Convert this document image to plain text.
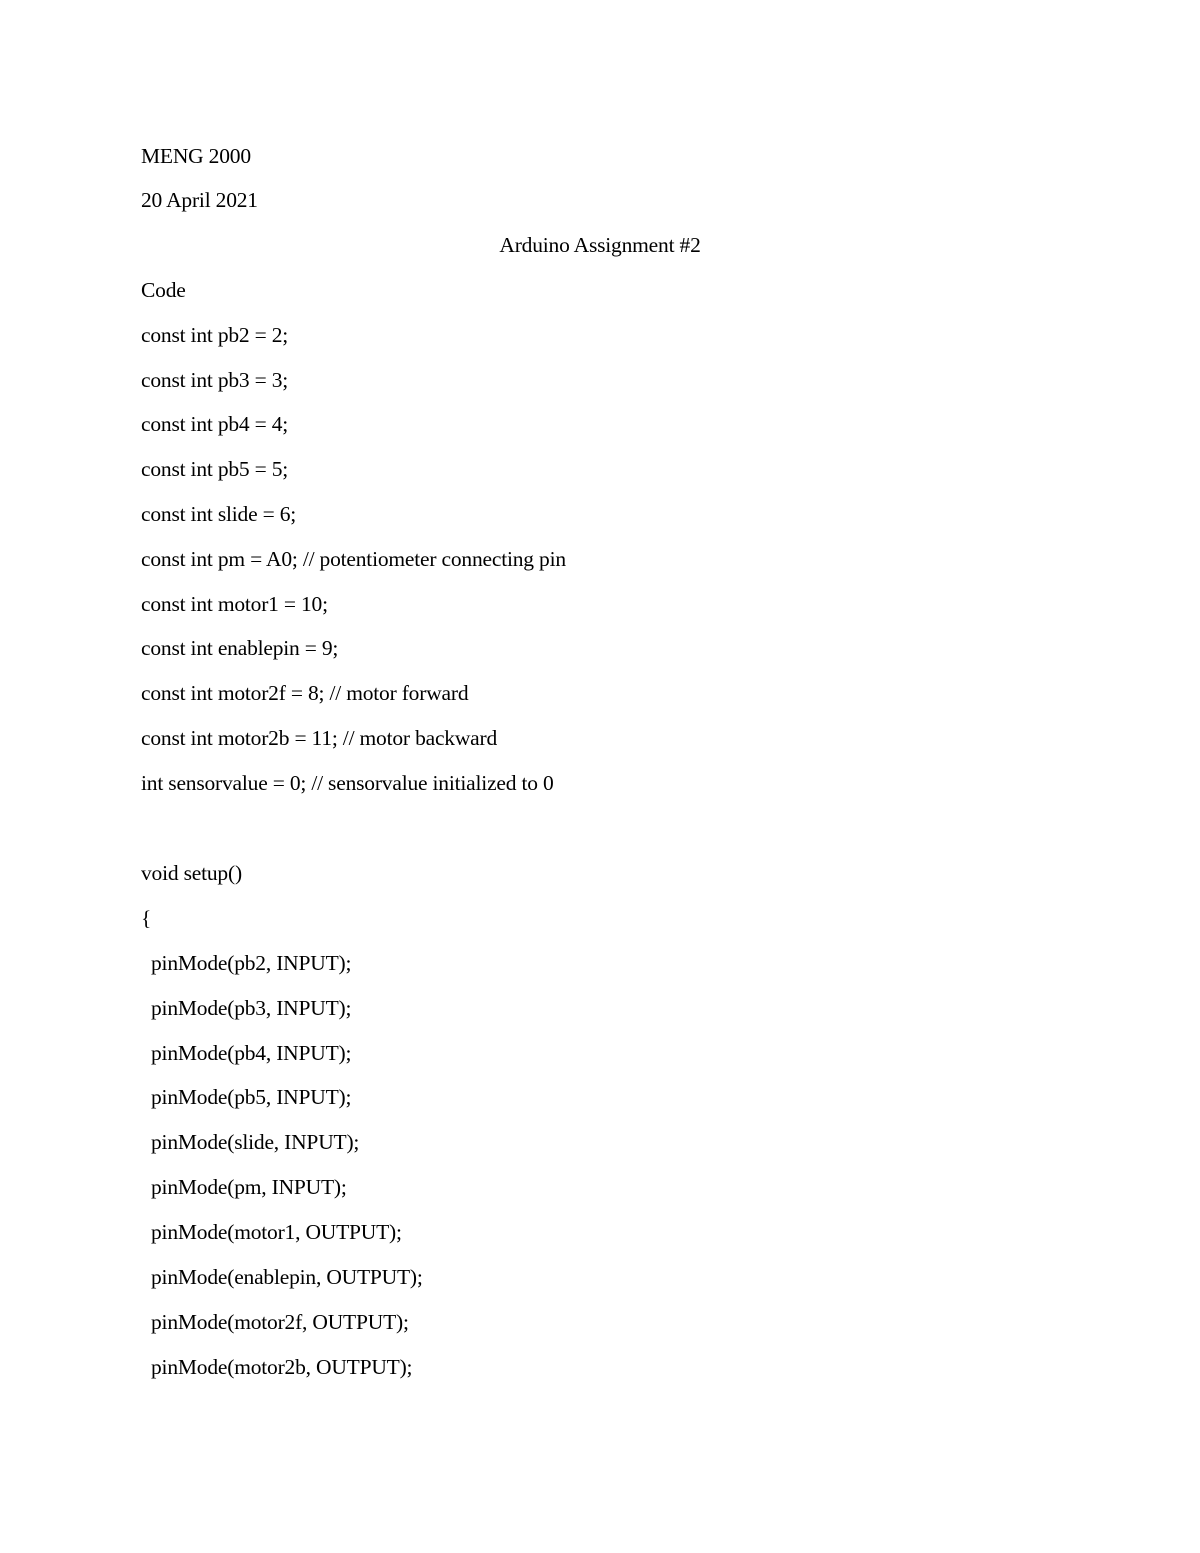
MENG 2000
20 April 2021
Arduino Assignment #2
Code
const int pb2 = 2;
const int pb3 = 3;
const int pb4 = 4;
const int pb5 = 5;
const int slide = 6;
const int pm = A0; // potentiometer connecting pin
const int motor1 = 10;
const int enablepin = 9;
const int motor2f = 8; // motor forward
const int motor2b = 11; // motor backward
int sensorvalue = 0; // sensorvalue initialized to 0
void setup()
{
pinMode(pb2, INPUT);
pinMode(pb3, INPUT);
pinMode(pb4, INPUT);
pinMode(pb5, INPUT);
pinMode(slide, INPUT);
pinMode(pm, INPUT);
pinMode(motor1, OUTPUT);
pinMode(enablepin, OUTPUT);
pinMode(motor2f, OUTPUT);
pinMode(motor2b, OUTPUT);
